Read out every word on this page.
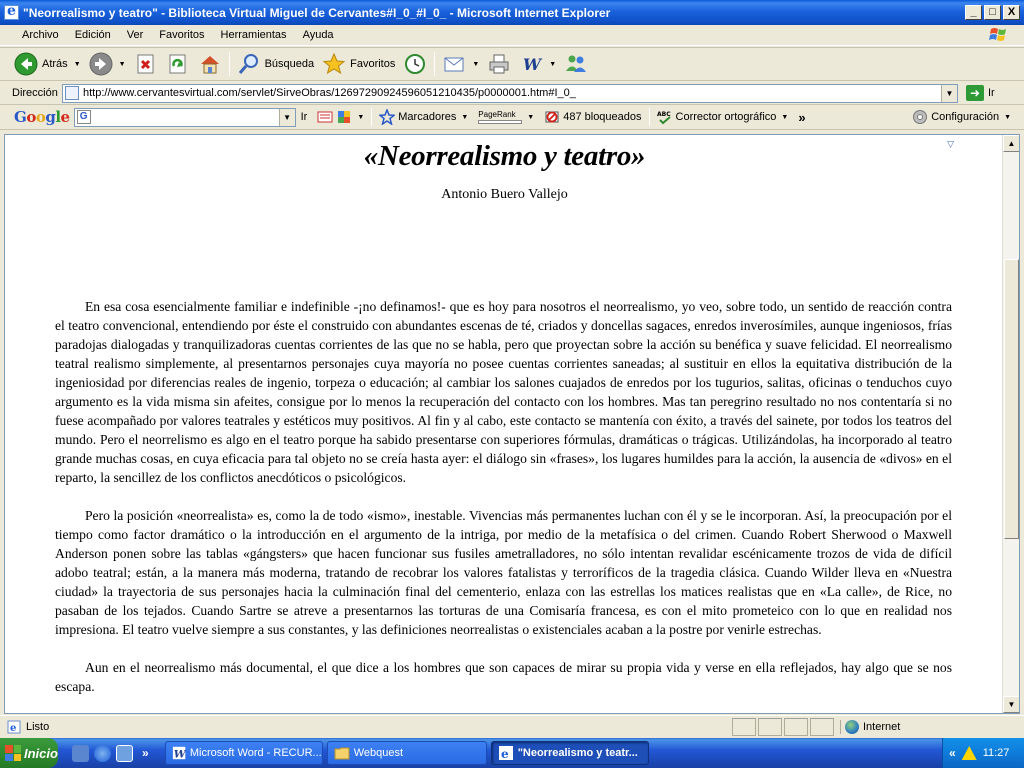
e
"Neorrealismo y teatro" - Biblioteca Virtual Miguel de Cervantes#I_0_#I_0_ - Microsoft Internet Explorer	_	□	X
Archivo	Edición	Ver	Favoritos	Herramientas	Ayuda
Atrás ▼	▼	Búsqueda	Favoritos	▼	W ▼
Dirección	http://www.cervantesvirtual.com/servlet/SirveObras/12697290924596051210435/p0000001.htm#I_0_	▼	➜ Ir
Google	G	▼ Ir	▼	Marcadores ▼ PageRank ▼	487 bloqueados	ABC Corrector ortográfico ▼ »	Configuración ▼
▽
«Neorrealismo y teatro»

Antonio Buero Vallejo

En esa cosa esencialmente familiar e indefinible -¡no definamos!- que es hoy para nosotros el neorrealismo, yo veo, sobre todo, un sentido de reacción contra el teatro convencional, entendiendo por éste el construido con abundantes escenas de té, criados y doncellas sagaces, enredos inverosímiles, aunque ingeniosos, frías paradojas dialogadas y tranquilizadoras cuentas corrientes de las que no se habla, pero que proyectan sobre la acción su benéfica y suave felicidad. El neorrealismo teatral realismo simplemente, al presentarnos personajes cuya mayoría no posee cuentas corrientes saneadas; al sustituir en ellos la equitativa distribución de la ingeniosidad por diferencias reales de ingenio, torpeza o educación; al cambiar los salones cuajados de enredos por los tugurios, salitas, oficinas o tenduchos cuyo argumento es la vida misma sin afeites, consigue por lo menos la recuperación del contacto con los hombres. Mas tan peregrino resultado no nos contentaría si no fuese acompañado por valores teatrales y estéticos muy positivos. Al fin y al cabo, este contacto se mantenía con éxito, a través del sainete, por todos los teatros del mundo. Pero el neorrelismo es algo en el teatro porque ha sabido presentarse con superiores fórmulas, dramáticas o trágicas. Utilizándolas, ha incorporado al teatro grande muchas cosas, en cuya eficacia para tal objeto no se creía hasta ayer: el diálogo sin «frases», los lugares humildes para la acción, la ausencia de «divos» en el reparto, la sencillez de los conflictos anecdóticos o psicológicos.

Pero la posición «neorrealista» es, como la de todo «ismo», inestable. Vivencias más permanentes luchan con él y se le incorporan. Así, la preocupación por el tiempo como factor dramático o la introducción en el argumento de la intriga, por medio de la metafísica o del crimen. Cuando Robert Sherwood o Maxwell Anderson ponen sobre las tablas «gángsters» que hacen funcionar sus fusiles ametralladores, no sólo intentan revalidar escénicamente trozos de vida de difícil adobo teatral; están, a la manera más moderna, tratando de recobrar los valores fatalistas y terroríficos de la tragedia clásica. Cuando Wilder lleva en «Nuestra ciudad» la trayectoria de sus personajes hacia la culminación final del cementerio, enlaza con las estrellas los matices realistas que en «La calle», de Rice, no pasaban de los tejados. Cuando Sartre se atreve a presentarnos las torturas de una Comisaría francesa, es con el mito prometeico con lo que en realidad nos impresiona. El teatro vuelve siempre a sus constantes, y las definiciones neorrealistas o existenciales acaban a la postre por venirle estrechas.

Aun en el neorrealismo más documental, el que dice a los hombres que son capaces de mirar su propia vida y verse en ella reflejados, hay algo que se nos escapa.

▲
▼
e Listo	Internet
Inicio	» W Microsoft Word - RECUR...	Webquest	e "Neorrealismo y teatr...	« 11:27
